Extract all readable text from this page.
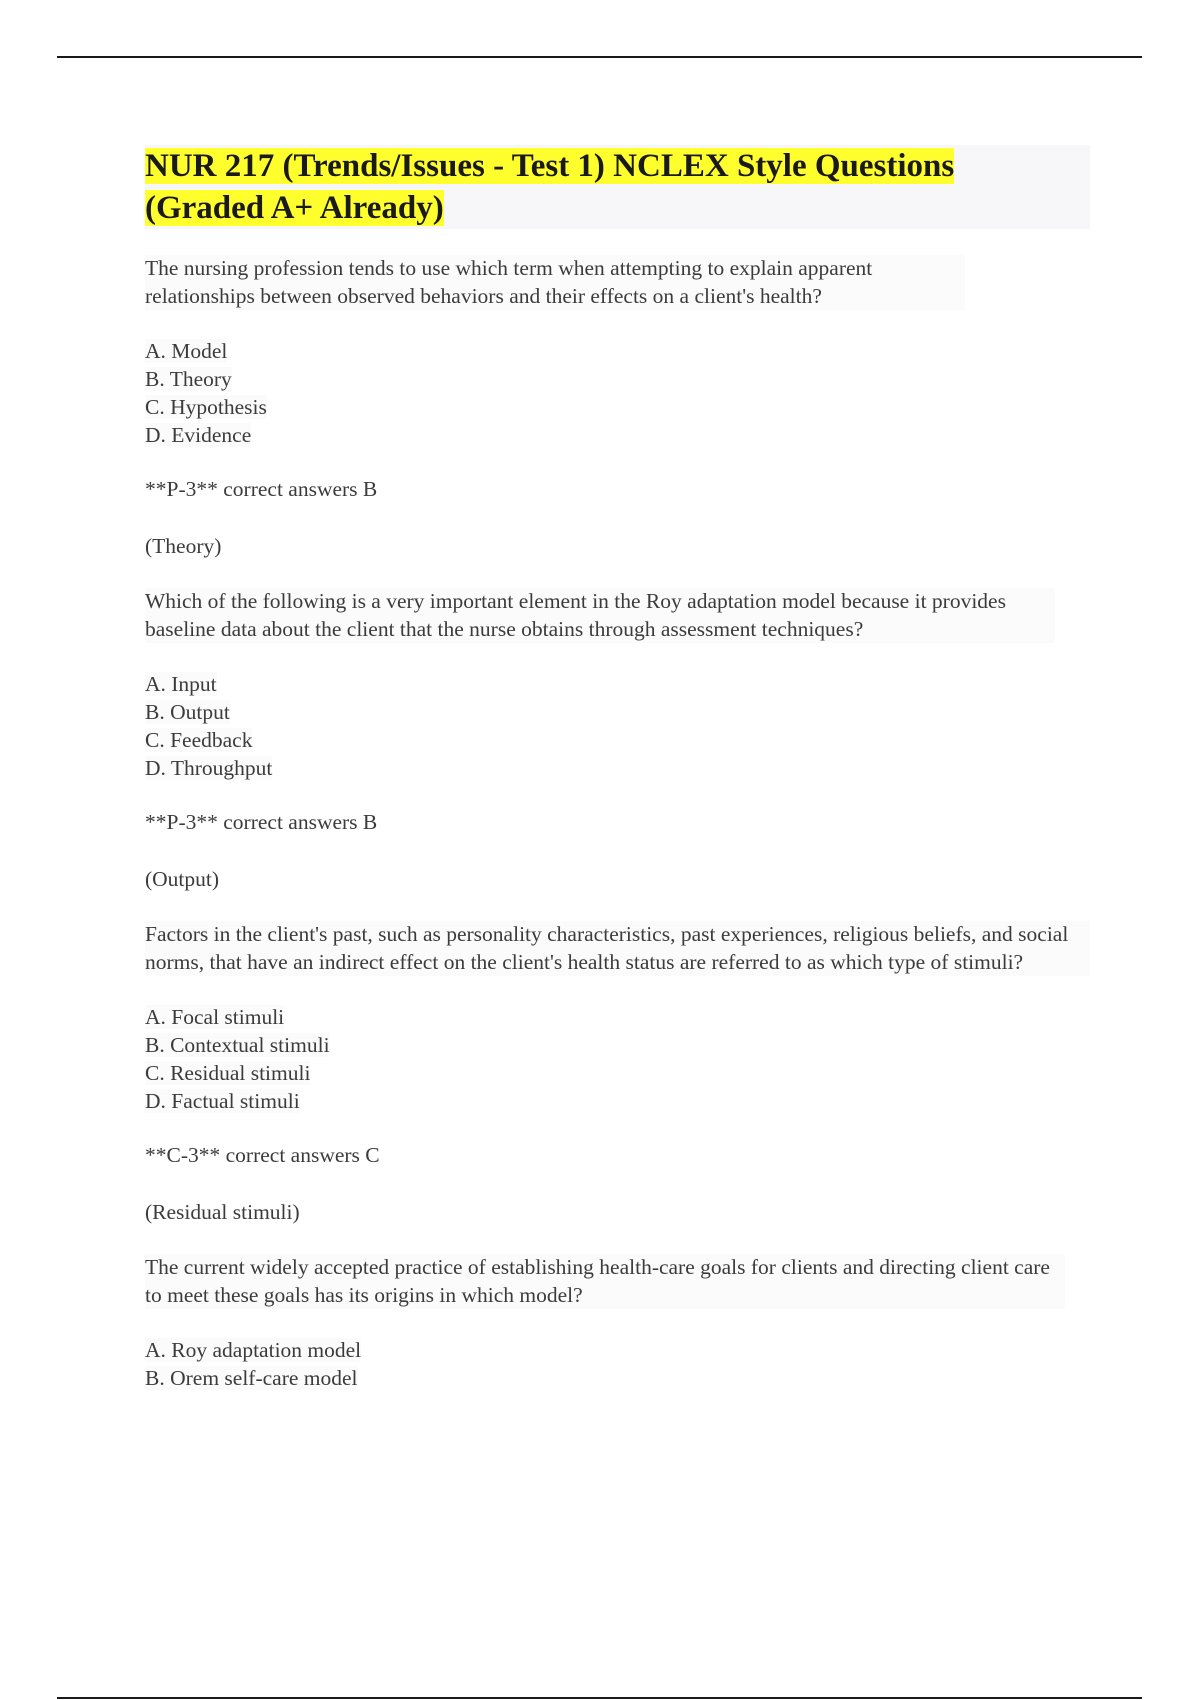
NUR 217 (Trends/Issues - Test 1) NCLEX Style Questions
(Graded A+ Already)

The nursing profession tends to use which term when attempting to explain apparent relationships between observed behaviors and their effects on a client's health?

A. Model
B. Theory
C. Hypothesis
D. Evidence

**P-3** correct answers B

(Theory)

Which of the following is a very important element in the Roy adaptation model because it provides baseline data about the client that the nurse obtains through assessment techniques?

A. Input
B. Output
C. Feedback
D. Throughput

**P-3** correct answers B

(Output)

Factors in the client's past, such as personality characteristics, past experiences, religious beliefs, and social norms, that have an indirect effect on the client's health status are referred to as which type of stimuli?

A. Focal stimuli
B. Contextual stimuli
C. Residual stimuli
D. Factual stimuli

**C-3** correct answers C

(Residual stimuli)

The current widely accepted practice of establishing health-care goals for clients and directing client care to meet these goals has its origins in which model?

A. Roy adaptation model
B. Orem self-care model
